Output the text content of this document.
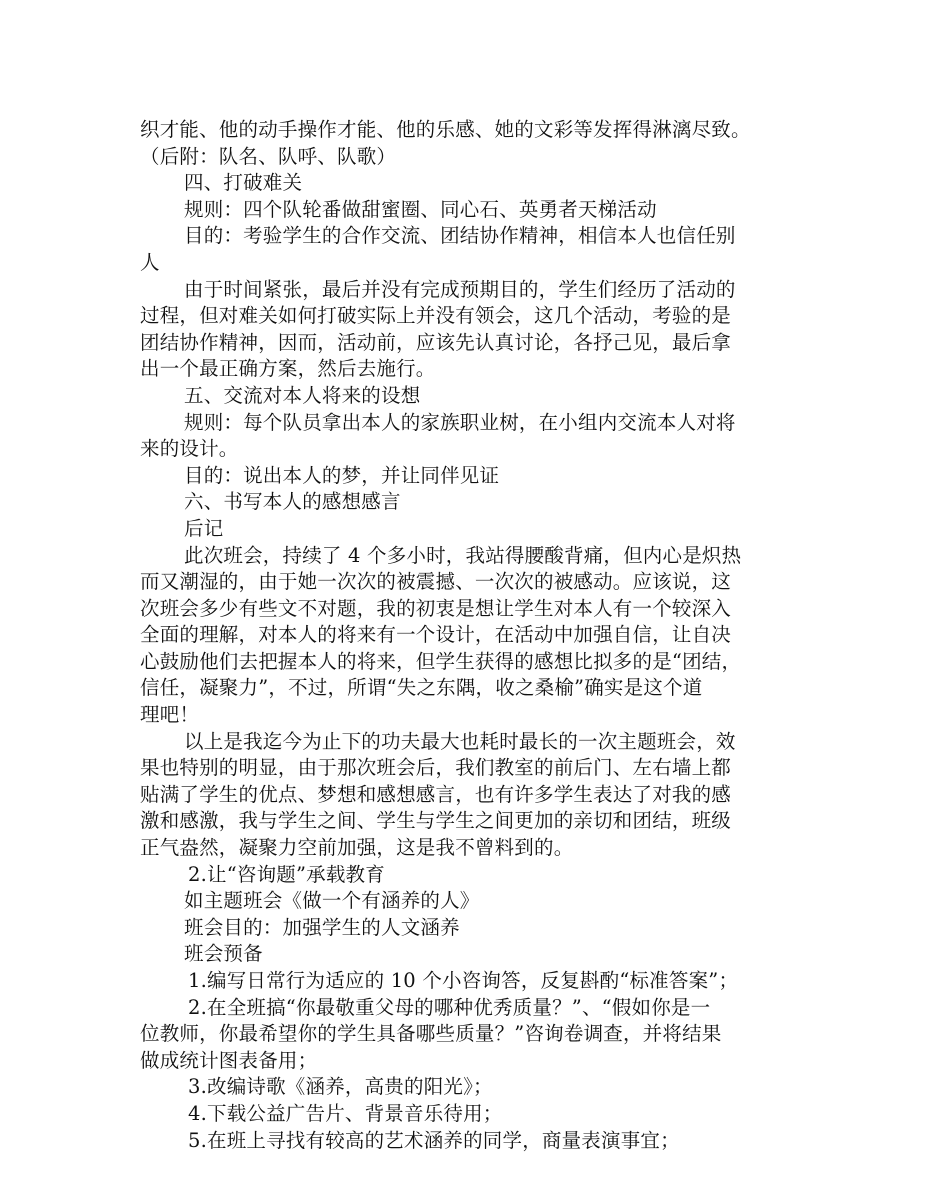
织才能、他的动手操作才能、他的乐感、她的文彩等发挥得淋漓尽致。
（后附：队名、队呼、队歌）
四、打破难关
规则：四个队轮番做甜蜜圈、同心石、英勇者天梯活动
目的：考验学生的合作交流、团结协作精神，相信本人也信任别
人
由于时间紧张，最后并没有完成预期目的，学生们经历了活动的
过程，但对难关如何打破实际上并没有领会，这几个活动，考验的是
团结协作精神，因而，活动前，应该先认真讨论，各抒己见，最后拿
出一个最正确方案，然后去施行。
五、交流对本人将来的设想
规则：每个队员拿出本人的家族职业树，在小组内交流本人对将
来的设计。
目的：说出本人的梦，并让同伴见证
六、书写本人的感想感言
后记
此次班会，持续了 4 个多小时，我站得腰酸背痛，但内心是炽热
而又潮湿的，由于她一次次的被震撼、一次次的被感动。应该说，这
次班会多少有些文不对题，我的初衷是想让学生对本人有一个较深入
全面的理解，对本人的将来有一个设计，在活动中加强自信，让自决
心鼓励他们去把握本人的将来，但学生获得的感想比拟多的是“团结，
信任，凝聚力”，不过，所谓“失之东隅，收之桑榆”确实是这个道
理吧！
以上是我迄今为止下的功夫最大也耗时最长的一次主题班会，效
果也特别的明显，由于那次班会后，我们教室的前后门、左右墙上都
贴满了学生的优点、梦想和感想感言，也有许多学生表达了对我的感
激和感激，我与学生之间、学生与学生之间更加的亲切和团结，班级
正气盎然，凝聚力空前加强，这是我不曾料到的。
2.让“咨询题”承载教育
如主题班会《做一个有涵养的人》
班会目的：加强学生的人文涵养
班会预备
1.编写日常行为适应的 10 个小咨询答，反复斟酌“标准答案”；
2.在全班搞“你最敬重父母的哪种优秀质量？”、“假如你是一
位教师，你最希望你的学生具备哪些质量？”咨询卷调查，并将结果
做成统计图表备用；
3.改编诗歌《涵养，高贵的阳光》；
4.下载公益广告片、背景音乐待用；
5.在班上寻找有较高的艺术涵养的同学，商量表演事宜；
